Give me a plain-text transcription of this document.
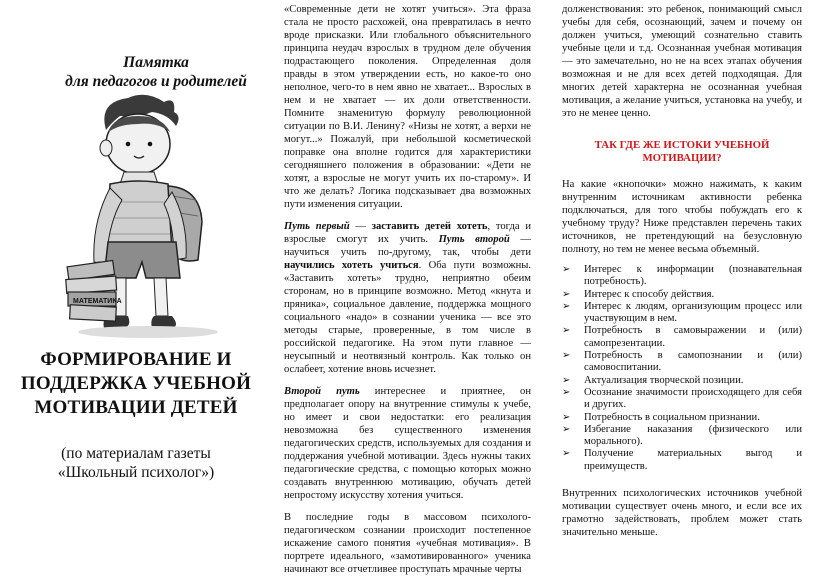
Памятка
для педагогов и родителей
МАТЕМАТИКА
ФОРМИРОВАНИЕ И ПОДДЕРЖКА УЧЕБНОЙ МОТИВАЦИИ ДЕТЕЙ
(по материалам газеты
«Школьный психолог»)

«Современные дети не хотят учиться». Эта фраза стала не просто расхожей, она превратилась в нечто вроде присказки. Или глобального объяснительного принципа неудач взрослых в трудном деле обучения подрастающего поколения. Определенная доля правды в этом утверждении есть, но какое-то оно неполное, чего-то в нем явно не хватает... Взрослых в нем и не хватает — их доли ответственности. Помните знаменитую формулу революционной ситуации по В.И. Ленину? «Низы не хотят, а верхи не могут...» Пожалуй, при небольшой косметической поправке она вполне годится для характеристики сегодняшнего положения в образовании: «Дети не хотят, а взрослые не могут учить их по-старому». И что же делать? Логика подсказывает два возможных пути изменения ситуации.

Путь первый — заставить детей хотеть, тогда и взрослые смогут их учить. Путь второй — научиться учить по-другому, так, чтобы дети научились хотеть учиться. Оба пути возможны. «Заставить хотеть» трудно, неприятно обеим сторонам, но в принципе возможно. Метод «кнута и пряника», социальное давление, поддержка мощного социального «надо» в сознании ученика — все это методы старые, проверенные, в том числе в российской педагогике. На этом пути главное — неусыпный и неотвязный контроль. Как только он ослабеет, хотение вновь исчезнет.

Второй путь интереснее и приятнее, он предполагает опору на внутренние стимулы к учебе, но имеет и свои недостатки: его реализация невозможна без существенного изменения педагогических средств, используемых для создания и поддержания учебной мотивации. Здесь нужны таких педагогические средства, с помощью которых можно создавать внутреннюю мотивацию, обучать детей непростому искусству хотения учиться.

В последние годы в массовом психолого-педагогическом сознании происходит постепенное искажение самого понятия «учебная мотивация». В портрете идеального, «замотивированного» ученика начинают все отчетливее проступать мрачные черты

долженствования: это ребенок, понимающий смысл учебы для себя, осознающий, зачем и почему он должен учиться, умеющий сознательно ставить учебные цели и т.д. Осознанная учебная мотивация — это замечательно, но не на всех этапах обучения возможная и не для всех детей подходящая. Для многих детей характерна не осознанная учебная мотивация, а желание учиться, установка на учебу, и это не менее ценно.

ТАК ГДЕ ЖЕ ИСТОКИ УЧЕБНОЙ МОТИВАЦИИ?

На какие «кнопочки» можно нажимать, к каким внутренним источникам активности ребенка подключаться, для того чтобы побуждать его к учебному труду? Ниже представлен перечень таких источников, не претендующий на безусловную полноту, но тем не менее весьма объемный.

➢ Интерес к информации (познавательная потребность).
➢ Интерес к способу действия.
➢ Интерес к людям, организующим процесс или участвующим в нем.
➢ Потребность в самовыражении и (или) самопрезентации.
➢ Потребность в самопознании и (или) самовоспитании.
➢ Актуализация творческой позиции.
➢ Осознание значимости происходящего для себя и других.
➢ Потребность в социальном признании.
➢ Избегание наказания (физического или морального).
➢ Получение материальных выгод и преимуществ.

Внутренних психологических источников учебной мотивации существует очень много, и если все их грамотно задействовать, проблем может стать значительно меньше.
